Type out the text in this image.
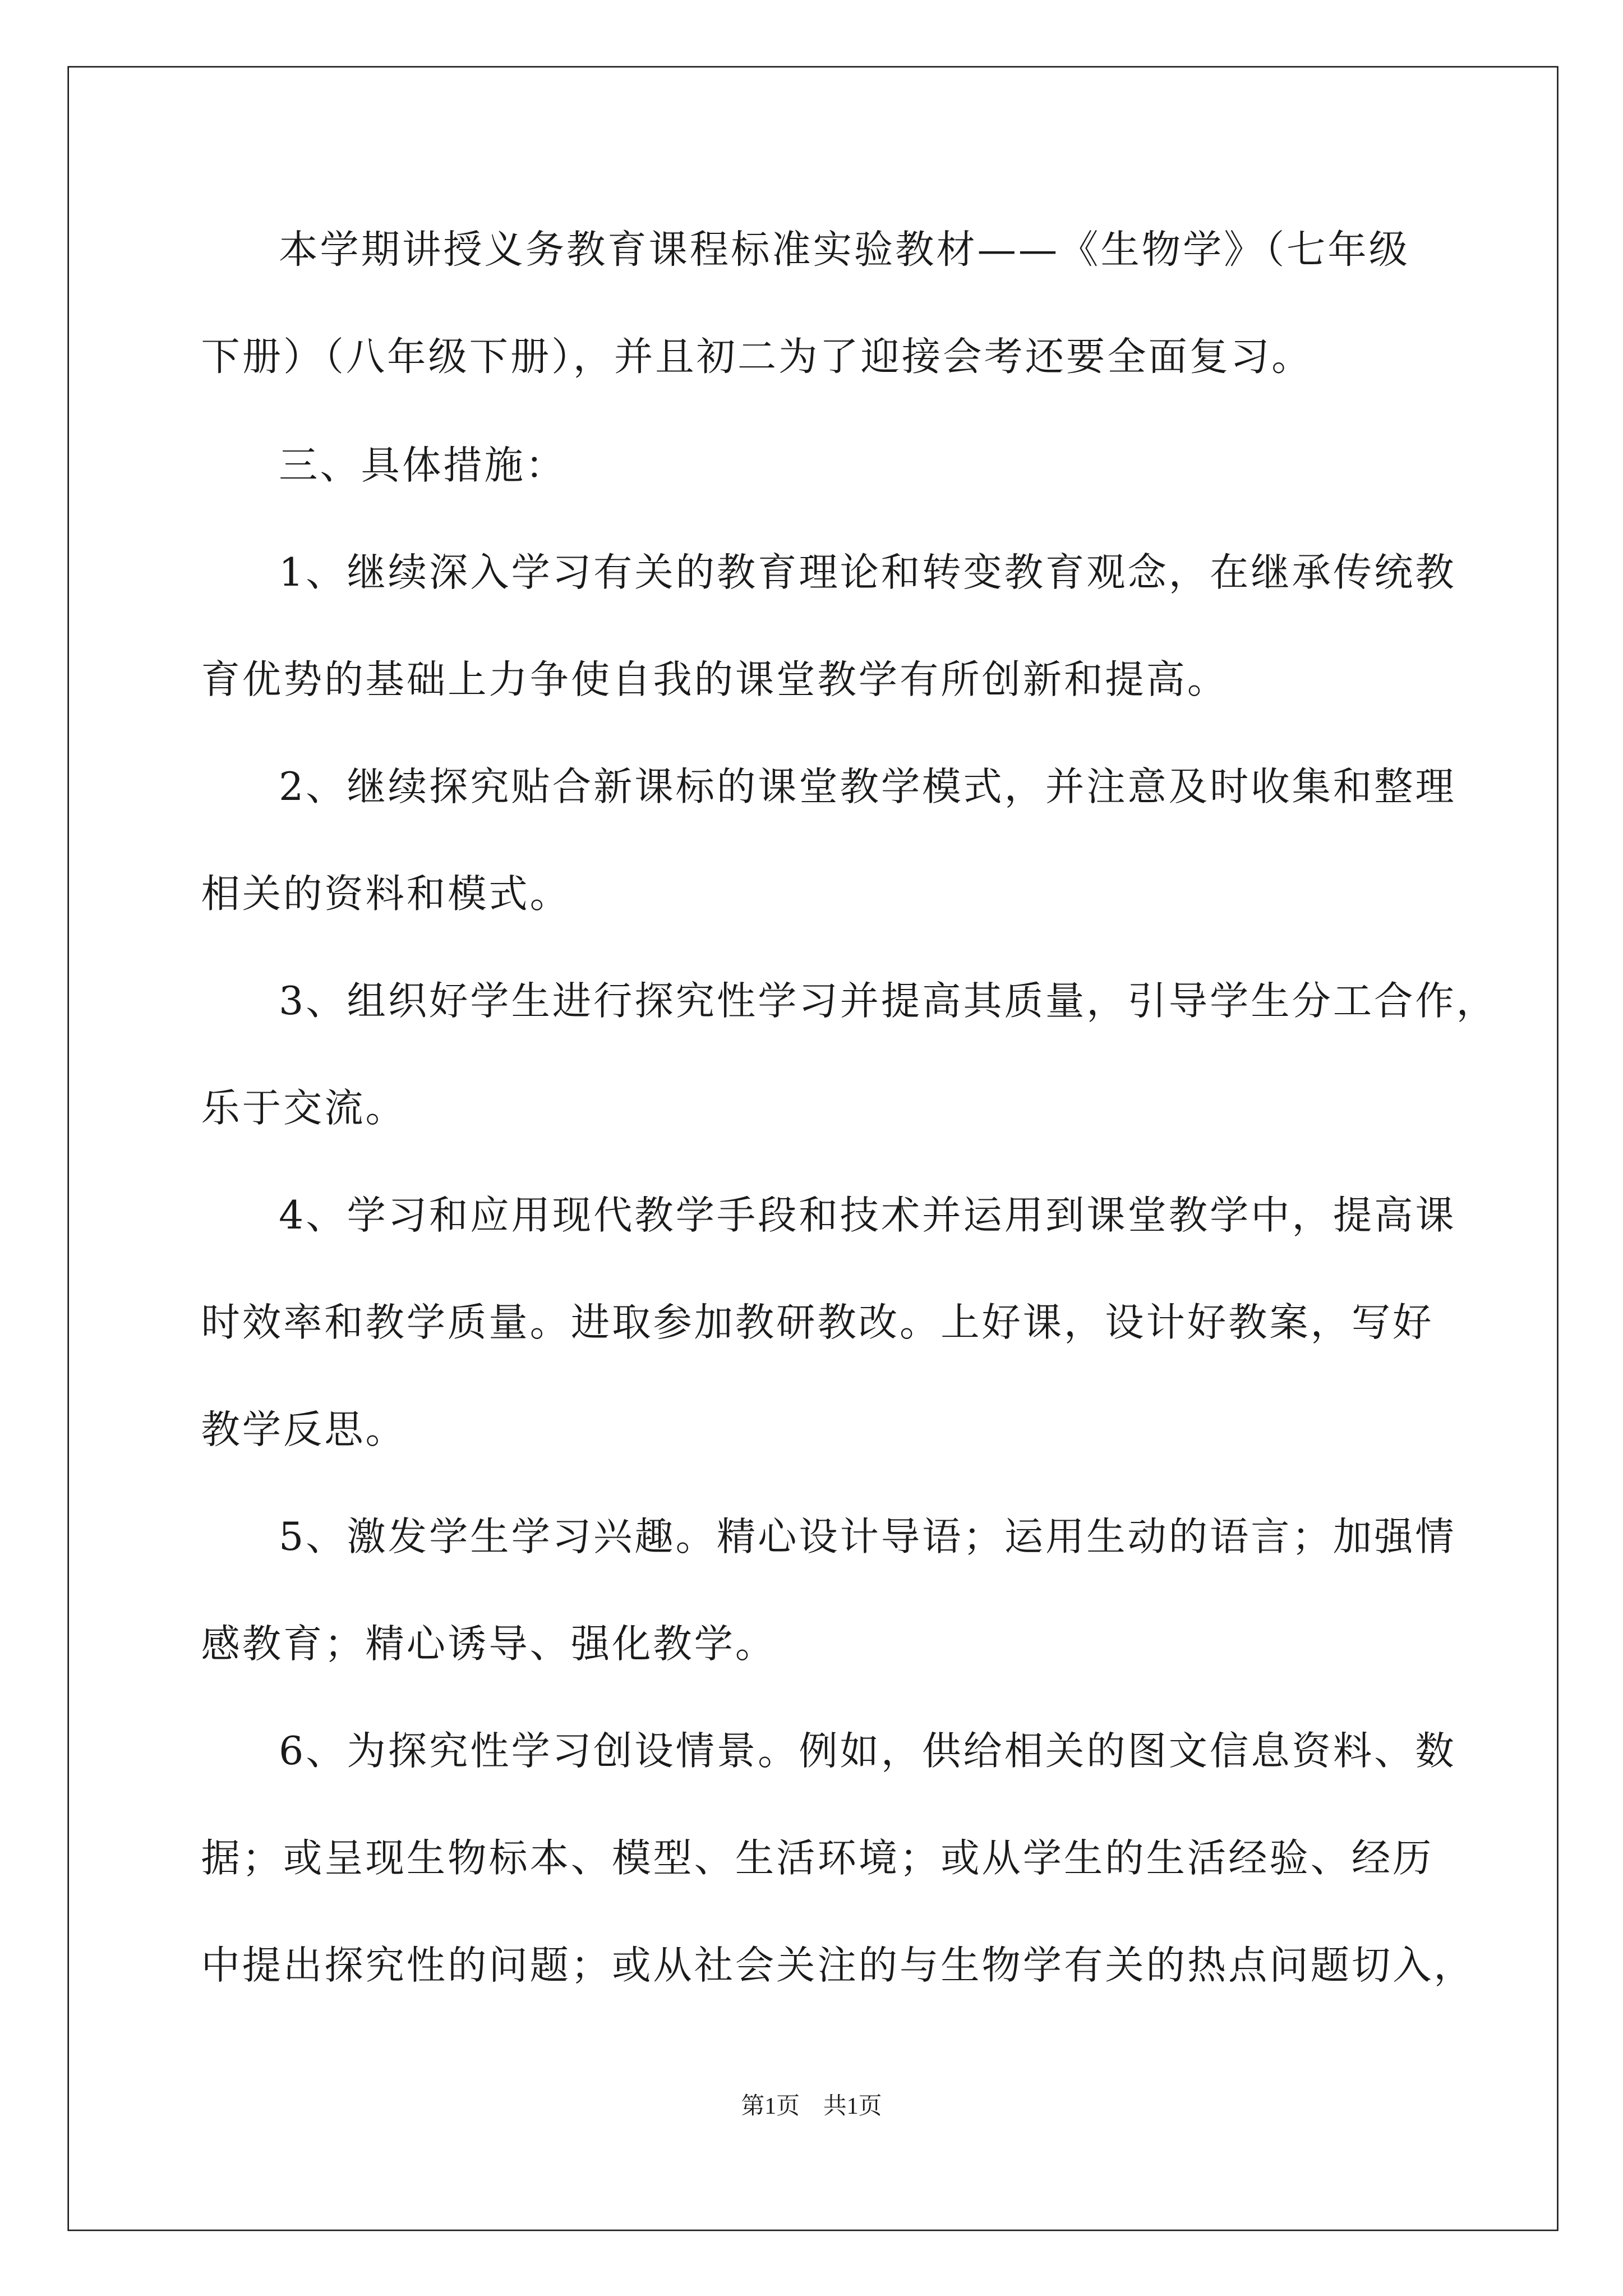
本学期讲授义务教育课程标准实验教材——《生物学》（七年级
下册）（八年级下册），并且初二为了迎接会考还要全面复习。
三、具体措施：
1、继续深入学习有关的教育理论和转变教育观念，在继承传统教
育优势的基础上力争使自我的课堂教学有所创新和提高。
2、继续探究贴合新课标的课堂教学模式，并注意及时收集和整理
相关的资料和模式。
3、组织好学生进行探究性学习并提高其质量，引导学生分工合作，
乐于交流。
4、学习和应用现代教学手段和技术并运用到课堂教学中，提高课
时效率和教学质量。进取参加教研教改。上好课，设计好教案，写好
教学反思。
5、激发学生学习兴趣。精心设计导语；运用生动的语言；加强情
感教育；精心诱导、强化教学。
6、为探究性学习创设情景。例如，供给相关的图文信息资料、数
据；或呈现生物标本、模型、生活环境；或从学生的生活经验、经历
中提出探究性的问题；或从社会关注的与生物学有关的热点问题切入，
第1页　共1页
